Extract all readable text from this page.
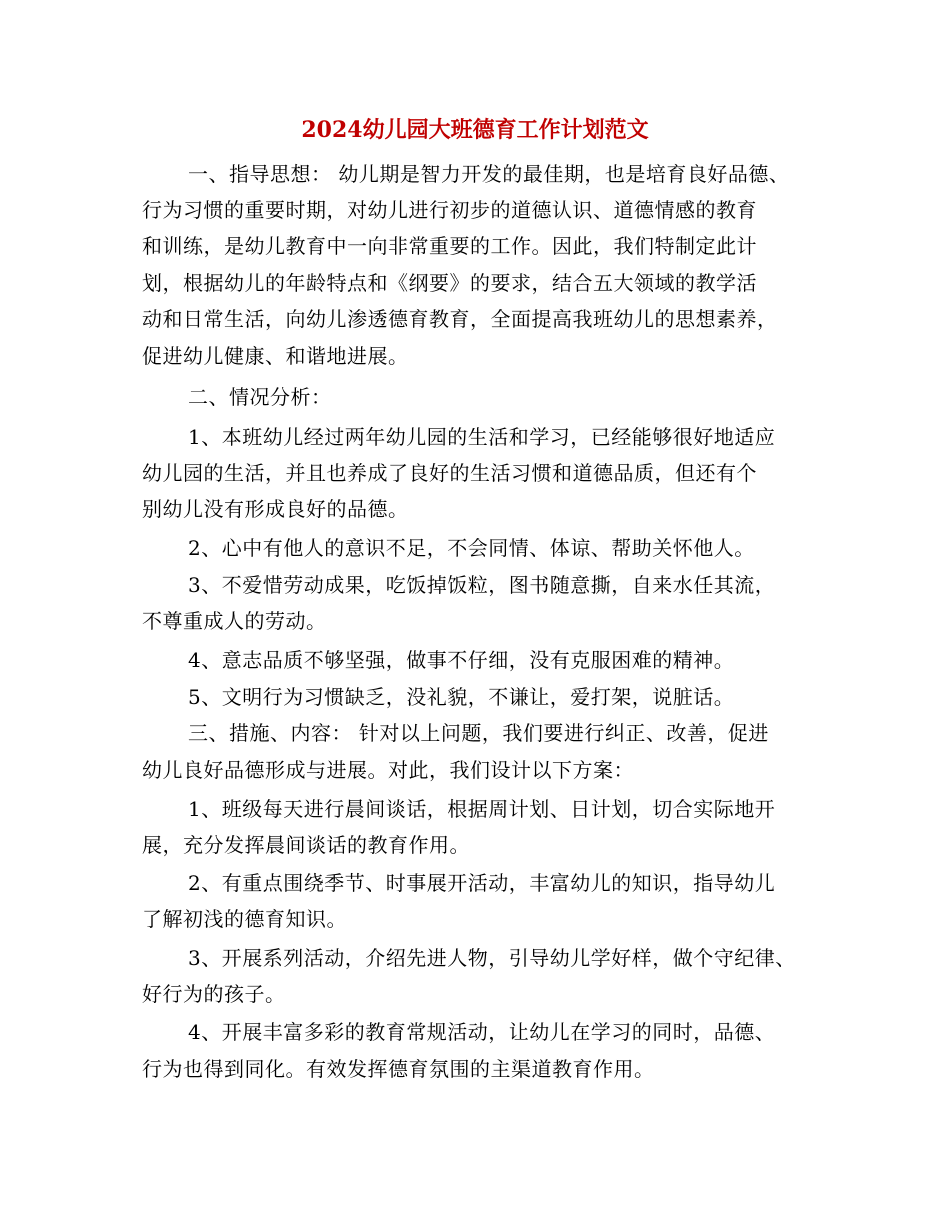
2024幼儿园大班德育工作计划范文
一、指导思想： 幼儿期是智力开发的最佳期，也是培育良好品德、
行为习惯的重要时期，对幼儿进行初步的道德认识、道德情感的教育
和训练，是幼儿教育中一向非常重要的工作。因此，我们特制定此计
划，根据幼儿的年龄特点和《纲要》的要求，结合五大领域的教学活
动和日常生活，向幼儿渗透德育教育，全面提高我班幼儿的思想素养，
促进幼儿健康、和谐地进展。
二、情况分析：
1、本班幼儿经过两年幼儿园的生活和学习，已经能够很好地适应
幼儿园的生活，并且也养成了良好的生活习惯和道德品质，但还有个
别幼儿没有形成良好的品德。
2、心中有他人的意识不足，不会同情、体谅、帮助关怀他人。
3、不爱惜劳动成果，吃饭掉饭粒，图书随意撕，自来水任其流，
不尊重成人的劳动。
4、意志品质不够坚强，做事不仔细，没有克服困难的精神。
5、文明行为习惯缺乏，没礼貌，不谦让，爱打架，说脏话。
三、措施、内容： 针对以上问题，我们要进行纠正、改善，促进
幼儿良好品德形成与进展。对此，我们设计以下方案：
1、班级每天进行晨间谈话，根据周计划、日计划，切合实际地开
展，充分发挥晨间谈话的教育作用。
2、有重点围绕季节、时事展开活动，丰富幼儿的知识，指导幼儿
了解初浅的德育知识。
3、开展系列活动，介绍先进人物，引导幼儿学好样，做个守纪律、
好行为的孩子。
4、开展丰富多彩的教育常规活动，让幼儿在学习的同时，品德、
行为也得到同化。有效发挥德育氛围的主渠道教育作用。
